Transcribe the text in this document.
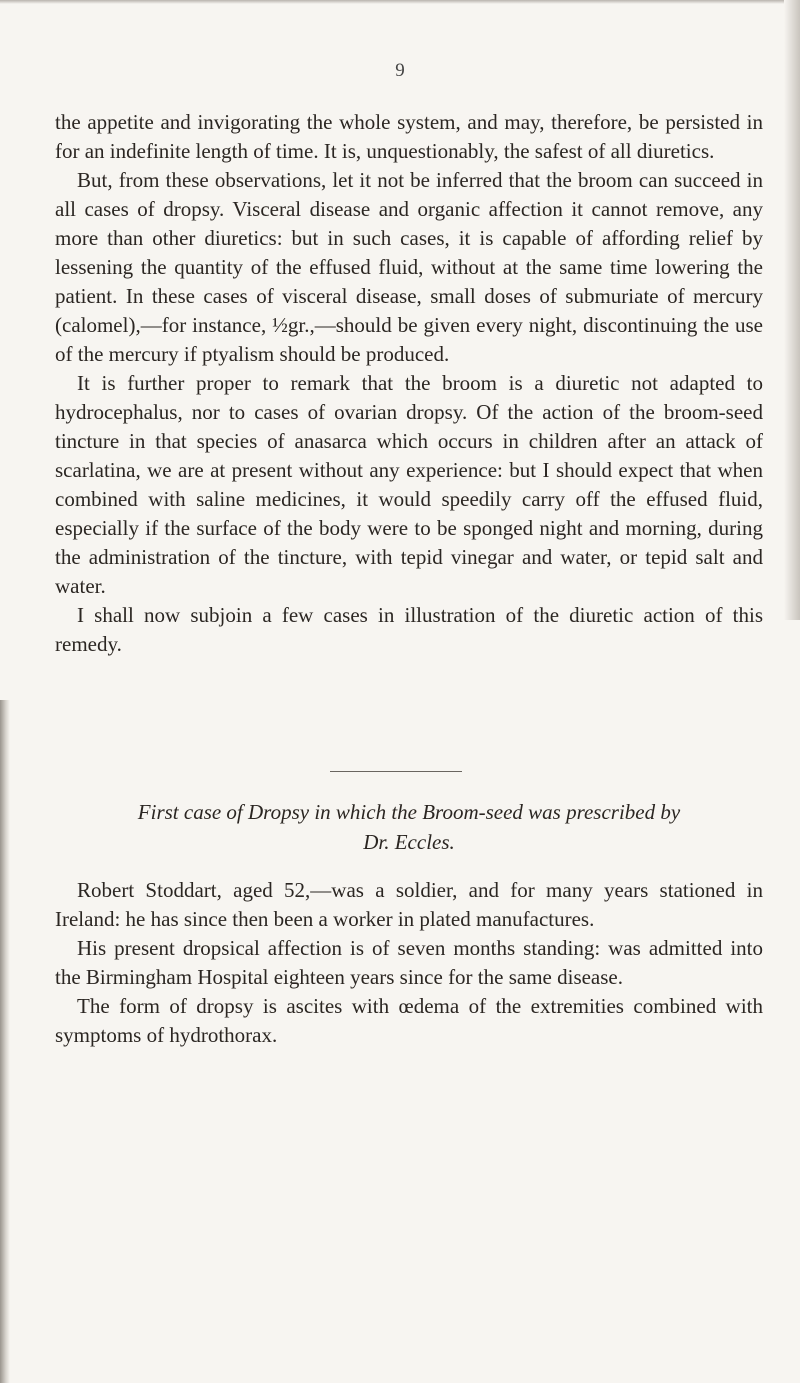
9

the appetite and invigorating the whole system, and may, therefore, be persisted in for an indefinite length of time. It is, unquestionably, the safest of all diuretics.

But, from these observations, let it not be inferred that the broom can succeed in all cases of dropsy. Visceral disease and organic affection it cannot remove, any more than other diuretics: but in such cases, it is capable of affording relief by lessening the quantity of the effused fluid, without at the same time lowering the patient. In these cases of visceral disease, small doses of submuriate of mercury (calomel),—for instance, ½gr.,—should be given every night, discontinuing the use of the mercury if ptyalism should be produced.

It is further proper to remark that the broom is a diuretic not adapted to hydrocephalus, nor to cases of ovarian dropsy. Of the action of the broom-seed tincture in that species of anasarca which occurs in children after an attack of scarlatina, we are at present without any experience: but I should expect that when combined with saline medicines, it would speedily carry off the effused fluid, especially if the surface of the body were to be sponged night and morning, during the administration of the tincture, with tepid vinegar and water, or tepid salt and water.

I shall now subjoin a few cases in illustration of the diuretic action of this remedy.

First case of Dropsy in which the Broom-seed was prescribed by
Dr. Eccles.

Robert Stoddart, aged 52,—was a soldier, and for many years stationed in Ireland: he has since then been a worker in plated manufactures.

His present dropsical affection is of seven months standing: was admitted into the Birmingham Hospital eighteen years since for the same disease.

The form of dropsy is ascites with œdema of the extremities combined with symptoms of hydrothorax.
